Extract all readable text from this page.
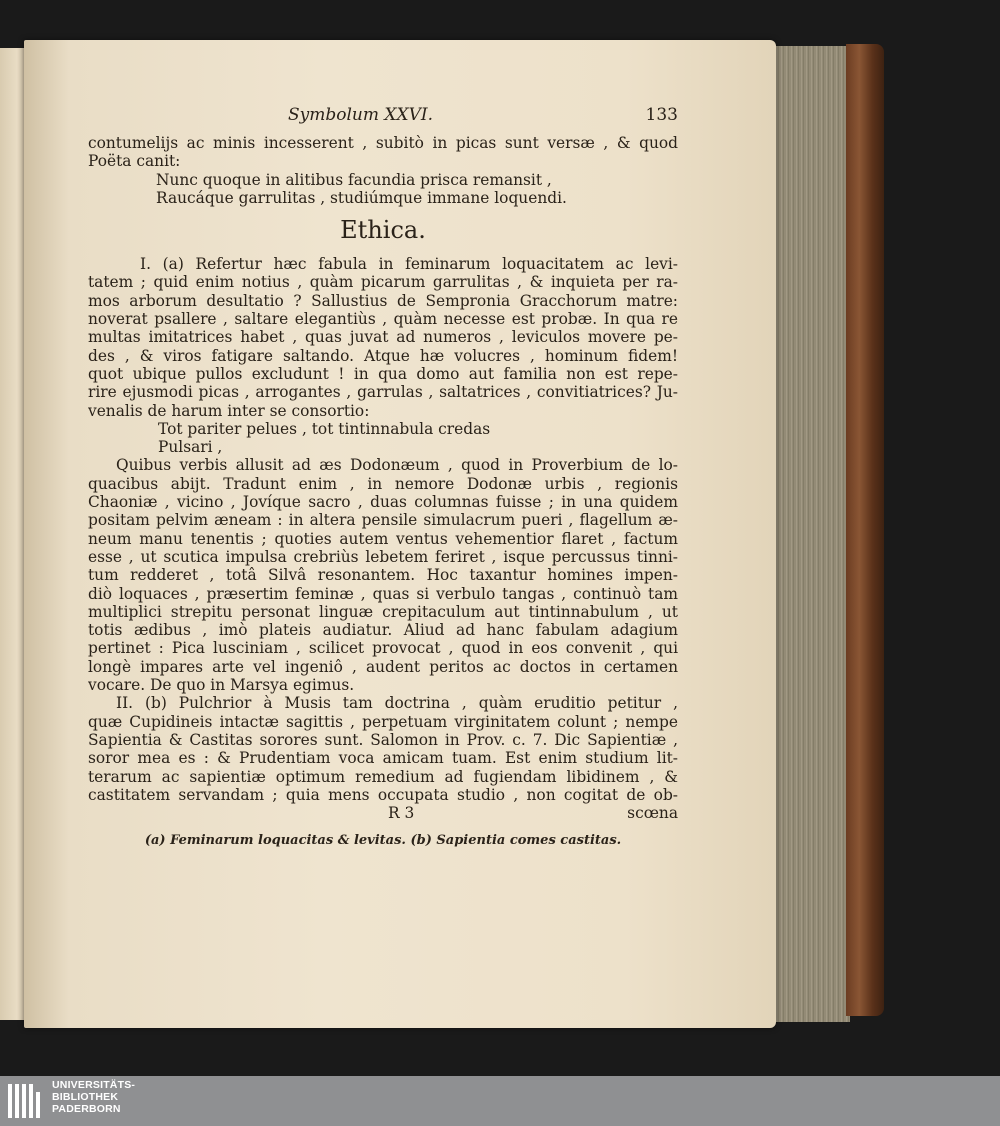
Symbolum XXVI.	133
contumelijs ac minis incesserent , subitò in picas sunt versæ , & quod
Poëta canit:
Nunc quoque in alitibus facundia prisca remansit ,
Raucáque garrulitas , studiúmque immane loquendi.
Ethica.
I. (a) Refertur hæc fabula in feminarum loquacitatem ac levi-
tatem ; quid enim notius , quàm picarum garrulitas , & inquieta per ra-
mos arborum desultatio ? Sallustius de Sempronia Gracchorum matre:
noverat psallere , saltare elegantiùs , quàm necesse est probæ. In qua re
multas imitatrices habet , quas juvat ad numeros , leviculos movere pe-
des , & viros fatigare saltando. Atque hæ volucres , hominum fidem!
quot ubique pullos excludunt ! in qua domo aut familia non est repe-
rire ejusmodi picas , arrogantes , garrulas , saltatrices , convitiatrices? Ju-
venalis de harum inter se consortio:
Tot pariter pelues , tot tintinnabula credas
Pulsari ,
Quibus verbis allusit ad æs Dodonæum , quod in Proverbium de lo-
quacibus abijt. Tradunt enim , in nemore Dodonæ urbis , regionis
Chaoniæ , vicino , Jovíque sacro , duas columnas fuisse ; in una quidem
positam pelvim æneam : in altera pensile simulacrum pueri , flagellum æ-
neum manu tenentis ; quoties autem ventus vehementior flaret , factum
esse , ut scutica impulsa crebriùs lebetem feriret , isque percussus tinni-
tum redderet , totâ Silvâ resonantem. Hoc taxantur homines impen-
diò loquaces , præsertim feminæ , quas si verbulo tangas , continuò tam
multiplici strepitu personat linguæ crepitaculum aut tintinnabulum , ut
totis ædibus , imò plateis audiatur. Aliud ad hanc fabulam adagium
pertinet : Pica lusciniam , scilicet provocat , quod in eos convenit , qui
longè impares arte vel ingeniô , audent peritos ac doctos in certamen
vocare. De quo in Marsya egimus.
II. (b) Pulchrior à Musis tam doctrina , quàm eruditio petitur ,
quæ Cupidineis intactæ sagittis , perpetuam virginitatem colunt ; nempe
Sapientia & Castitas sorores sunt. Salomon in Prov. c. 7. Dic Sapientiæ ,
soror mea es : & Prudentiam voca amicam tuam. Est enim studium lit-
terarum ac sapientiæ optimum remedium ad fugiendam libidinem , &
castitatem servandam ; quia mens occupata studio , non cogitat de ob-
R 3	scœna
(a) Feminarum loquacitas & levitas. (b) Sapientia comes castitas.
UNIVERSITÄTS-
BIBLIOTHEK
PADERBORN
